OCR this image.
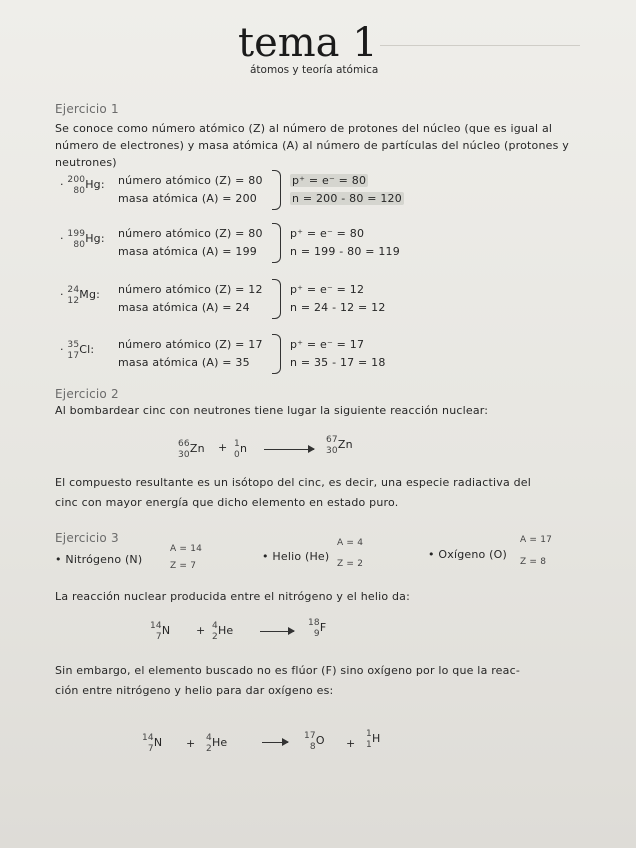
tema 1
átomos y teoría atómica
Ejercicio 1
Se conoce como número atómico (Z) al número de protones del núcleo (que es igual al
número de electrones) y masa atómica (A) al número de partículas del núcleo (protones y
neutrones)
· 200
80Hg: número atómico (Z) = 80
masa atómica (A) = 200
p⁺ = e⁻ = 80
n = 200 - 80 = 120
· 199
80Hg: número atómico (Z) = 80
masa atómica (A) = 199
p⁺ = e⁻ = 80
n = 199 - 80 = 119
· 24
12Mg: número atómico (Z) = 12
masa atómica (A) = 24
p⁺ = e⁻ = 12
n = 24 - 12 = 12
· 35
17Cl: número atómico (Z) = 17
masa atómica (A) = 35
p⁺ = e⁻ = 17
n = 35 - 17 = 18
Ejercicio 2
Al bombardear cinc con neutrones tiene lugar la siguiente reacción nuclear:
66
30Zn + 1
0n →
67
30Zn
El compuesto resultante es un isótopo del cinc, es decir, una especie radiactiva del
cinc con mayor energía que dicho elemento en estado puro.
Ejercicio 3
• Nitrógeno (N)
A = 14
Z = 7
• Helio (He)
A = 4
Z = 2
• Oxígeno (O)
A = 17
Z = 8
La reacción nuclear producida entre el nitrógeno y el helio da:
14
7N + 4
2He
18
9F
Sin embargo, el elemento buscado no es flúor (F) sino oxígeno por lo que la reac-
ción entre nitrógeno y helio para dar oxígeno es:
14
7N + 4
2He	17
8O +
1
1H
